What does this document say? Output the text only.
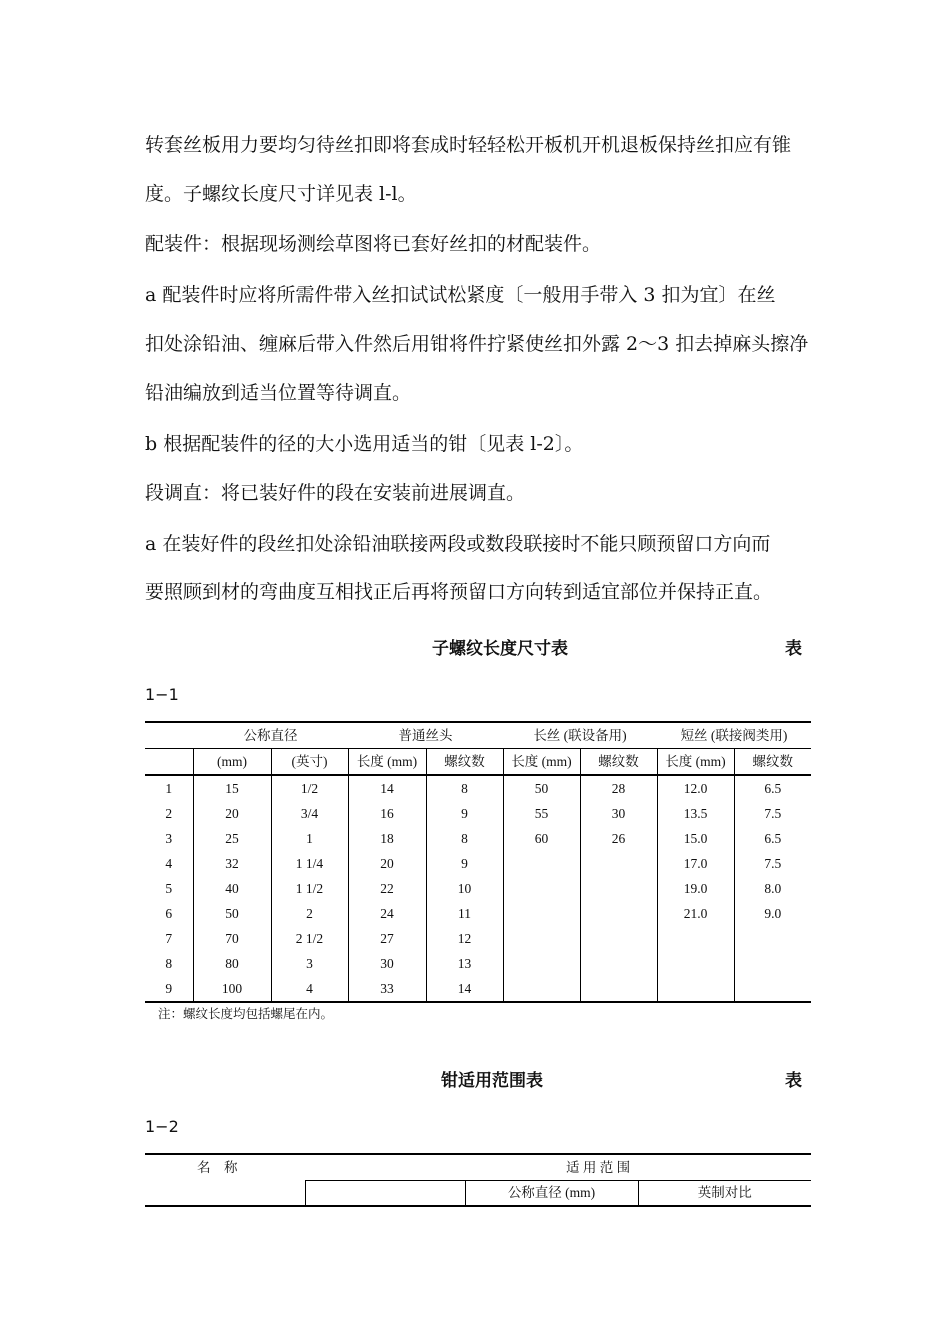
转套丝板用力要均匀待丝扣即将套成时轻轻松开板机开机退板保持丝扣应有锥
度。子螺纹长度尺寸详见表 l-l。
配装件：根据现场测绘草图将已套好丝扣的材配装件。
a 配装件时应将所需件带入丝扣试试松紧度〔一般用手带入 3 扣为宜〕在丝
扣处涂铅油、缠麻后带入件然后用钳将件拧紧使丝扣外露 2～3 扣去掉麻头擦净
铅油编放到适当位置等待调直。
b 根据配装件的径的大小选用适当的钳〔见表 l-2〕。
段调直：将已装好件的段在安装前进展调直。
a 在装好件的段丝扣处涂铅油联接两段或数段联接时不能只顾预留口方向而
要照顾到材的弯曲度互相找正后再将预留口方向转到适宜部位并保持正直。
子螺纹长度尺寸表	表
1−1
	公称直径		普通丝头		长丝 (联设备用)		短丝 (联接阀类用)	
	(mm)	(英寸)	长度 (mm)	螺纹数	长度 (mm)	螺纹数	长度 (mm)	螺纹数
1	15	1/2	14	8	50	28	12.0	6.5
2	20	3/4	16	9	55	30	13.5	7.5
3	25	1	18	8	60	26	15.0	6.5
4	32	1 1/4	20	9			17.0	7.5
5	40	1 1/2	22	10			19.0	8.0
6	50	2	24	11			21.0	9.0
7	70	2 1/2	27	12				
8	80	3	30	13				
9	100	4	33	14				
注：螺纹长度均包括螺尾在内。
钳适用范围表	表
1−2
名　称	适 用 范 围		
		公称直径 (mm)	英制对比
